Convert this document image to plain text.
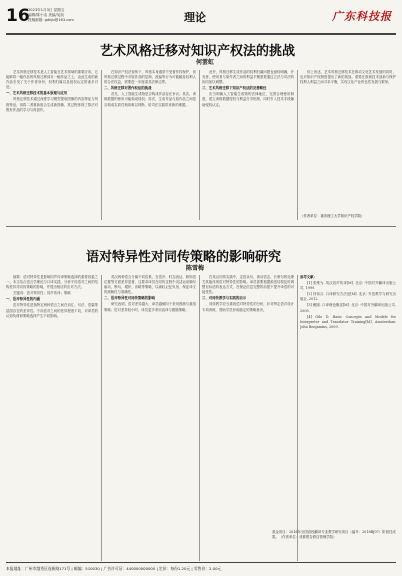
16
2023年1月3日 星期五
编辑/陈小洁 美编/吴凯
投稿邮箱: gdkjb@163.com	理论	广东科技报
艺术风格迁移对知识产权法的挑战
何雲虹

艺术风格迁移技术是人工智能在艺术领域的重要应用，它能够将一幅作品的风格迁移到另一幅作品之上，由此生成的新作品引发了关于作者身份、权利归属以及侵权认定的诸多讨论。

一、艺术风格迁移技术的基本原理与应用

风格迁移技术通过深度学习模型提取图像的内容特征与风格特征，再将二者重新组合生成新图像，其过程体现了算法对既有作品的学习与再创作。

在知识产权法视角下，风格本身通常不受著作权保护，但风格迁移过程中对原作品的复制、改编等行为可能触及权利人的合法权益，需要进一步厘清其法律边界。

二、风格迁移对著作权法的挑战

首先，人工智能生成物是否构成作品存在争议；其次，训练数据的使用可能构成侵权；再次，生成作品与原作品之间是否构成实质性相似难以判断，给司法实践带来新的难题。

此外，风格迁移生成作品的权利归属问题也亟待明确，开发者、使用者与原作者之间的利益平衡需要通过立法与司法的协同加以调整。

三、艺术风格迁移下知识产权法的完善路径

应当明确人工智能生成物的法律地位，完善合理使用制度，建立训练数据授权与利益分享机制，同时引入技术手段辅助侵权认定。

综上所述，艺术风格迁移技术在推动文化艺术发展的同时，也对知识产权制度提出了新的挑战，需要在鼓励技术创新与保护权利人利益之间寻求平衡，实现文化产业的良性发展与繁荣。

（作者单位：重庆理工大学知识产权学院）
语对特异性对同传策略的影响研究
陈雪梅

摘要：语对特异性是影响同声传译策略选择的重要因素之一。本文结合语言学理论与口译实践，分析不同语对之间的结构差异对同传策略的影响，并提出相应的应对方法。

关键词：语对特异性；同声传译；策略

一、语对特异性的内涵

语对特异性是指特定两种语言之间在词汇、句法、语篇等层面存在的差异性。不同语对之间的差异程度不同，对译员的认知负荷和策略选择产生不同影响。

英汉两种语言分属不同语系，在语序、时态表达、修饰语位置等方面差异显著，这要求译员在同传过程中灵活运用顺句驱动、断句、增补、省略等策略，以减轻记忆负担，保证译文的流畅性与准确性。

二、语对特异性对同传策略的影响

研究表明，语对差异越大，译员越倾向于采用预测与重组策略；语对差异较小时，译员更多采用直译与跟随策略。

在英汉同传实践中，定语从句、被动语态、长难句的处理尤其能体现语对特异性的影响。译员需要根据源语结构及时调整目标语的表达方式，在保证信息完整的前提下提升译语的可接受性。

三、对同传教学与实践的启示

同传教学应当重视语对特异性的分析，针对特定语对设计专项训练，帮助学员形成稳定的策略意识。

参考文献：

[1] 张维为. 英汉同声传译[M]. 北京: 中国对外翻译出版公司, 1999.

[2] 仲伟合. 口译研究方法论[M]. 北京: 外语教学与研究出版社, 2012.

[3] 鲍刚. 口译理论概述[M]. 北京: 中国对外翻译出版公司, 2005.

[4] Gile D. Basic Concepts and Models for Interpreter and Translator Training[M]. Amsterdam: John Benjamins, 2009.

基金项目：2018年全国高校翻译专业教学研究项目（编号：2018BJ07）阶段性成果。（作者单位：成都银杏酒店管理学院）
本报地址：广州市越秀区连新路171号 | 邮编：510030 | 广告许可证：440000000000 | 定价：每份1.20元 | 零售价：2.00元
